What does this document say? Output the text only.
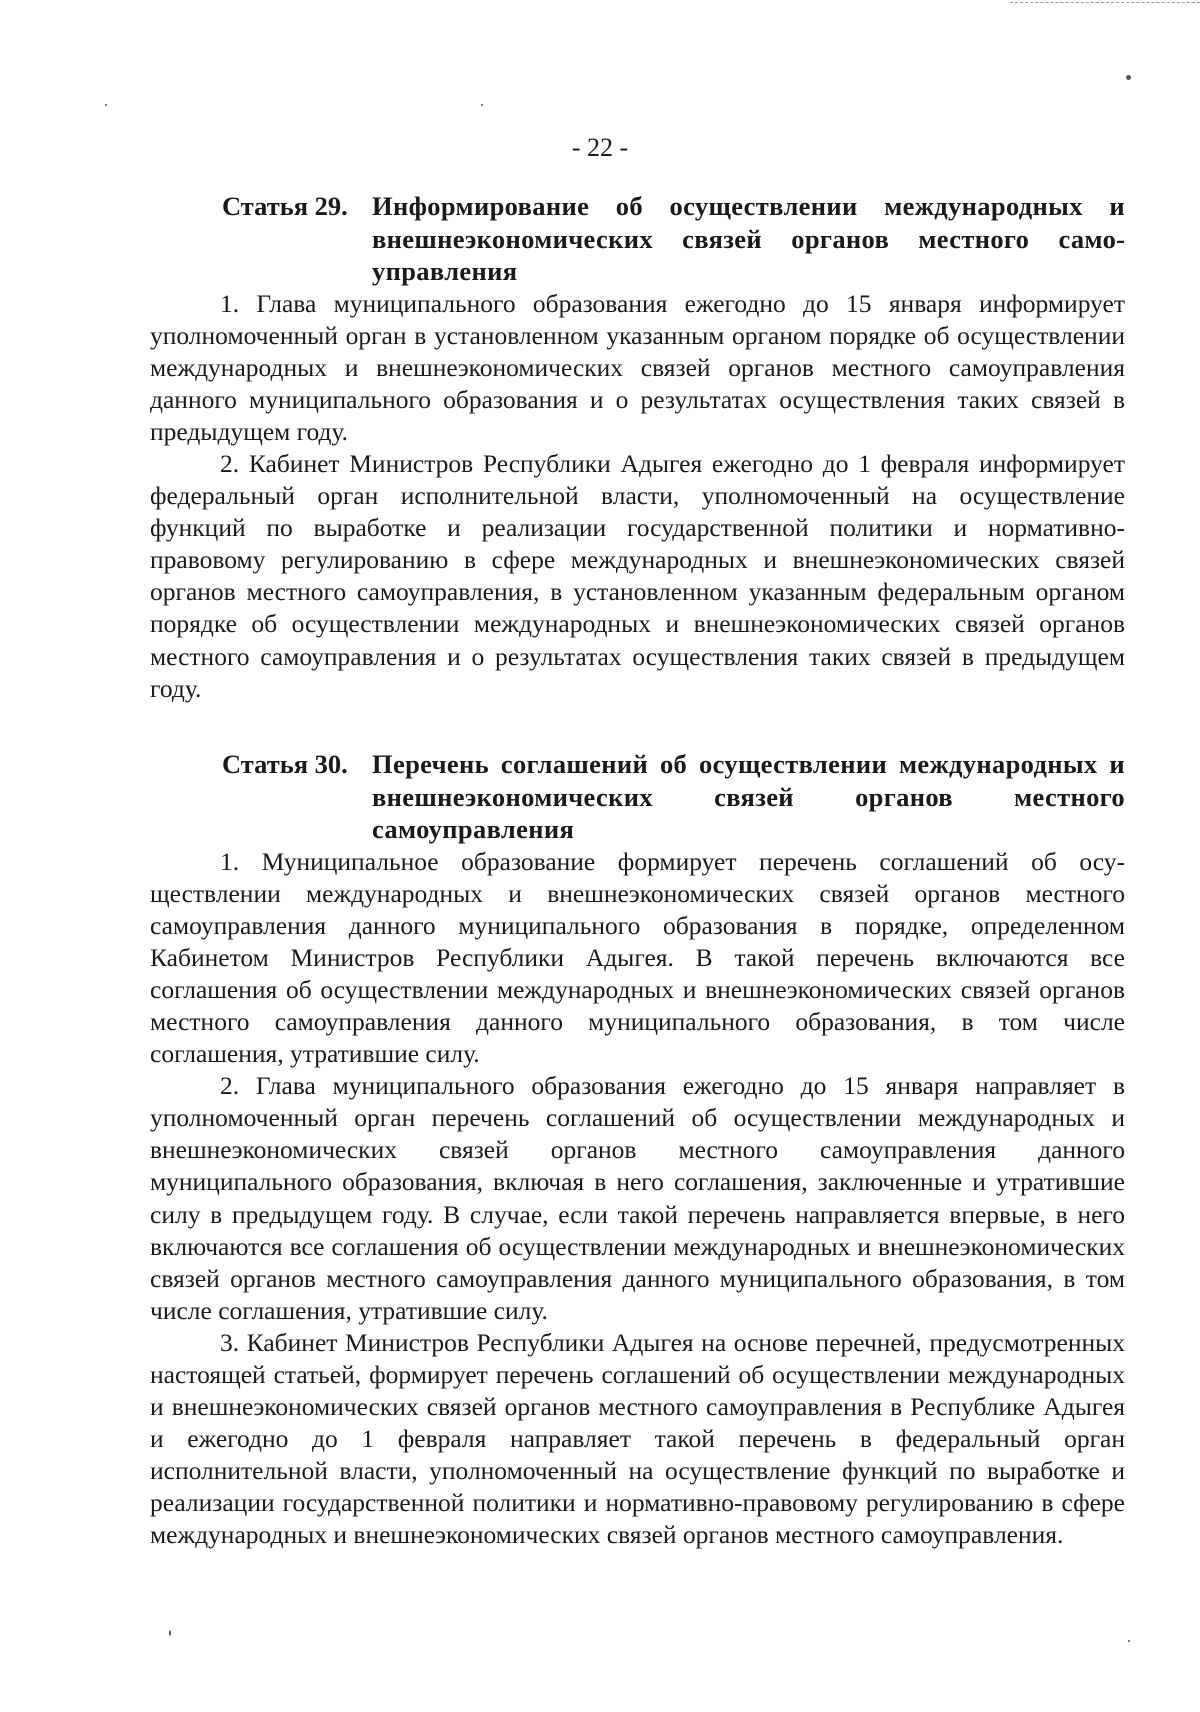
- 22 -
Статья 29. Информирование об осуществлении международных и внешнеэкономических связей органов местного самоуправления

1. Глава муниципального образования ежегодно до 15 января информирует уполномоченный орган в установленном указанным органом порядке об осуществлении международных и внешнеэкономических связей органов местного самоуправления данного муниципального образования и о результатах осуществления таких связей в предыдущем году.

2. Кабинет Министров Республики Адыгея ежегодно до 1 февраля информирует федеральный орган исполнительной власти, уполномоченный на осуществление функций по выработке и реализации государственной политики и нормативно-правовому регулированию в сфере международных и внешнеэкономических связей органов местного самоуправления, в установленном указанным федеральным органом порядке об осуществлении международных и внешнеэкономических связей органов местного самоуправления и о результатах осуществления таких связей в предыдущем году.

Статья 30. Перечень соглашений об осуществлении международных и внешнеэкономических связей органов местного самоуправления

1. Муниципальное образование формирует перечень соглашений об осуществлении международных и внешнеэкономических связей органов местного самоуправления данного муниципального образования в порядке, определенном Кабинетом Министров Республики Адыгея. В такой перечень включаются все соглашения об осуществлении международных и внешнеэкономических связей органов местного самоуправления данного муниципального образования, в том числе соглашения, утратившие силу.

2. Глава муниципального образования ежегодно до 15 января направляет в уполномоченный орган перечень соглашений об осуществлении международных и внешнеэкономических связей органов местного самоуправления данного муниципального образования, включая в него соглашения, заключенные и утратившие силу в предыдущем году. В случае, если такой перечень направляется впервые, в него включаются все соглашения об осуществлении международных и внешнеэкономических связей органов местного самоуправления данного муниципального образования, в том числе соглашения, утратившие силу.

3. Кабинет Министров Республики Адыгея на основе перечней, предусмотренных настоящей статьей, формирует перечень соглашений об осуществлении международных и внешнеэкономических связей органов местного самоуправления в Республике Адыгея и ежегодно до 1 февраля направляет такой перечень в федеральный орган исполнительной власти, уполномоченный на осуществление функций по выработке и реализации государственной политики и нормативно-правовому регулированию в сфере международных и внешнеэкономических связей органов местного самоуправления.
